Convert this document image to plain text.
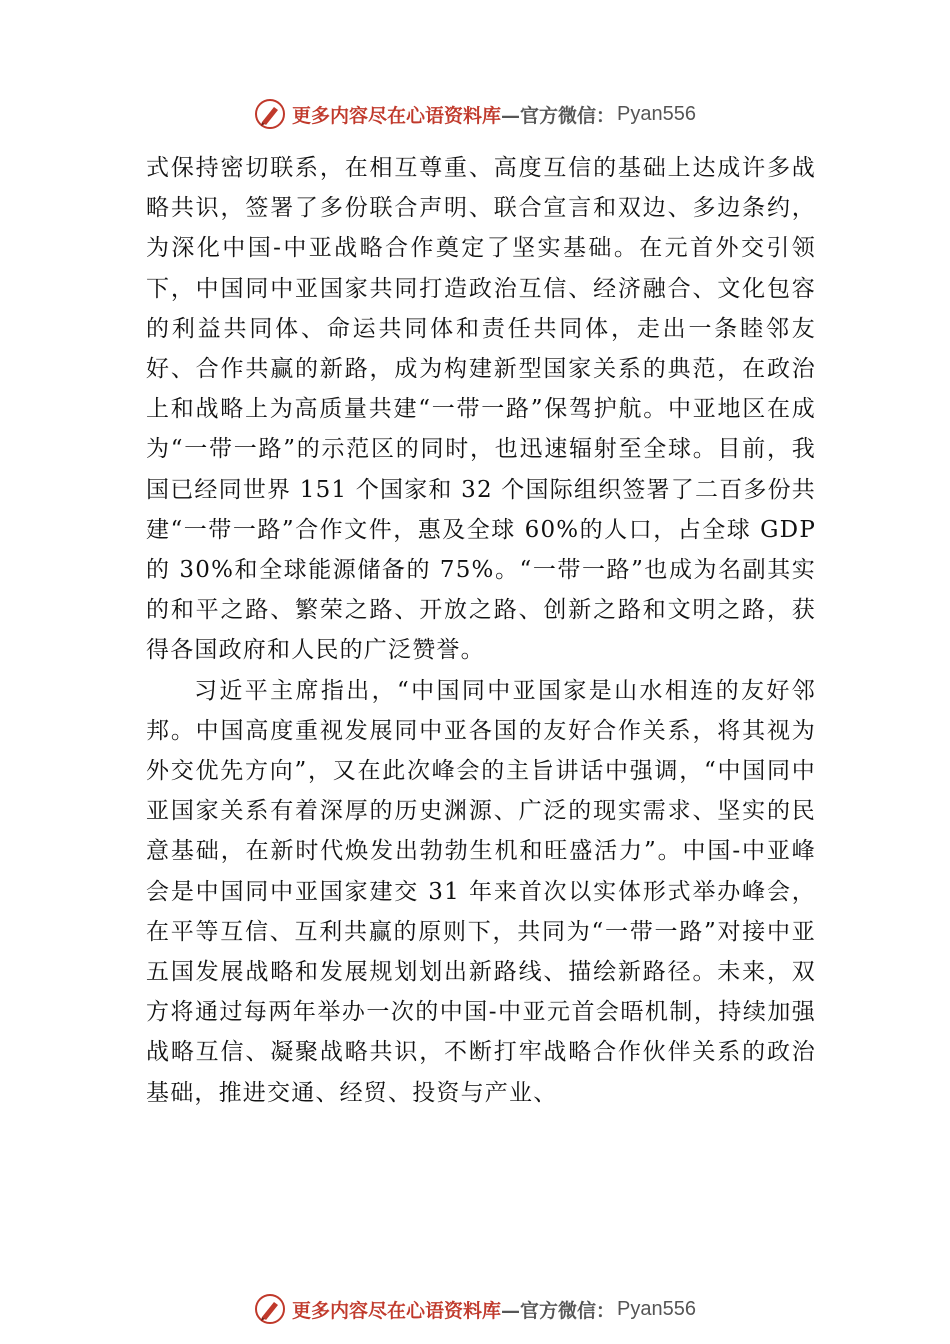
更多内容尽在心语资料库 —官方微信： Pyan556

式保持密切联系，在相互尊重、高度互信的基础上达成许多战略共识，签署了多份联合声明、联合宣言和双边、多边条约，为深化中国-中亚战略合作奠定了坚实基础。在元首外交引领下，中国同中亚国家共同打造政治互信、经济融合、文化包容的利益共同体、命运共同体和责任共同体，走出一条睦邻友好、合作共赢的新路，成为构建新型国家关系的典范，在政治上和战略上为高质量共建“一带一路”保驾护航。中亚地区在成为“一带一路”的示范区的同时，也迅速辐射至全球。目前，我国已经同世界 151 个国家和 32 个国际组织签署了二百多份共建“一带一路”合作文件，惠及全球 60%的人口，占全球 GDP 的 30%和全球能源储备的 75%。“一带一路”也成为名副其实的和平之路、繁荣之路、开放之路、创新之路和文明之路，获得各国政府和人民的广泛赞誉。

习近平主席指出，“中国同中亚国家是山水相连的友好邻邦。中国高度重视发展同中亚各国的友好合作关系，将其视为外交优先方向”，又在此次峰会的主旨讲话中强调，“中国同中亚国家关系有着深厚的历史渊源、广泛的现实需求、坚实的民意基础，在新时代焕发出勃勃生机和旺盛活力”。中国-中亚峰会是中国同中亚国家建交 31 年来首次以实体形式举办峰会，在平等互信、互利共赢的原则下，共同为“一带一路”对接中亚五国发展战略和发展规划划出新路线、描绘新路径。未来，双方将通过每两年举办一次的中国-中亚元首会晤机制，持续加强战略互信、凝聚战略共识，不断打牢战略合作伙伴关系的政治基础，推进交通、经贸、投资与产业、

更多内容尽在心语资料库 —官方微信： Pyan556
